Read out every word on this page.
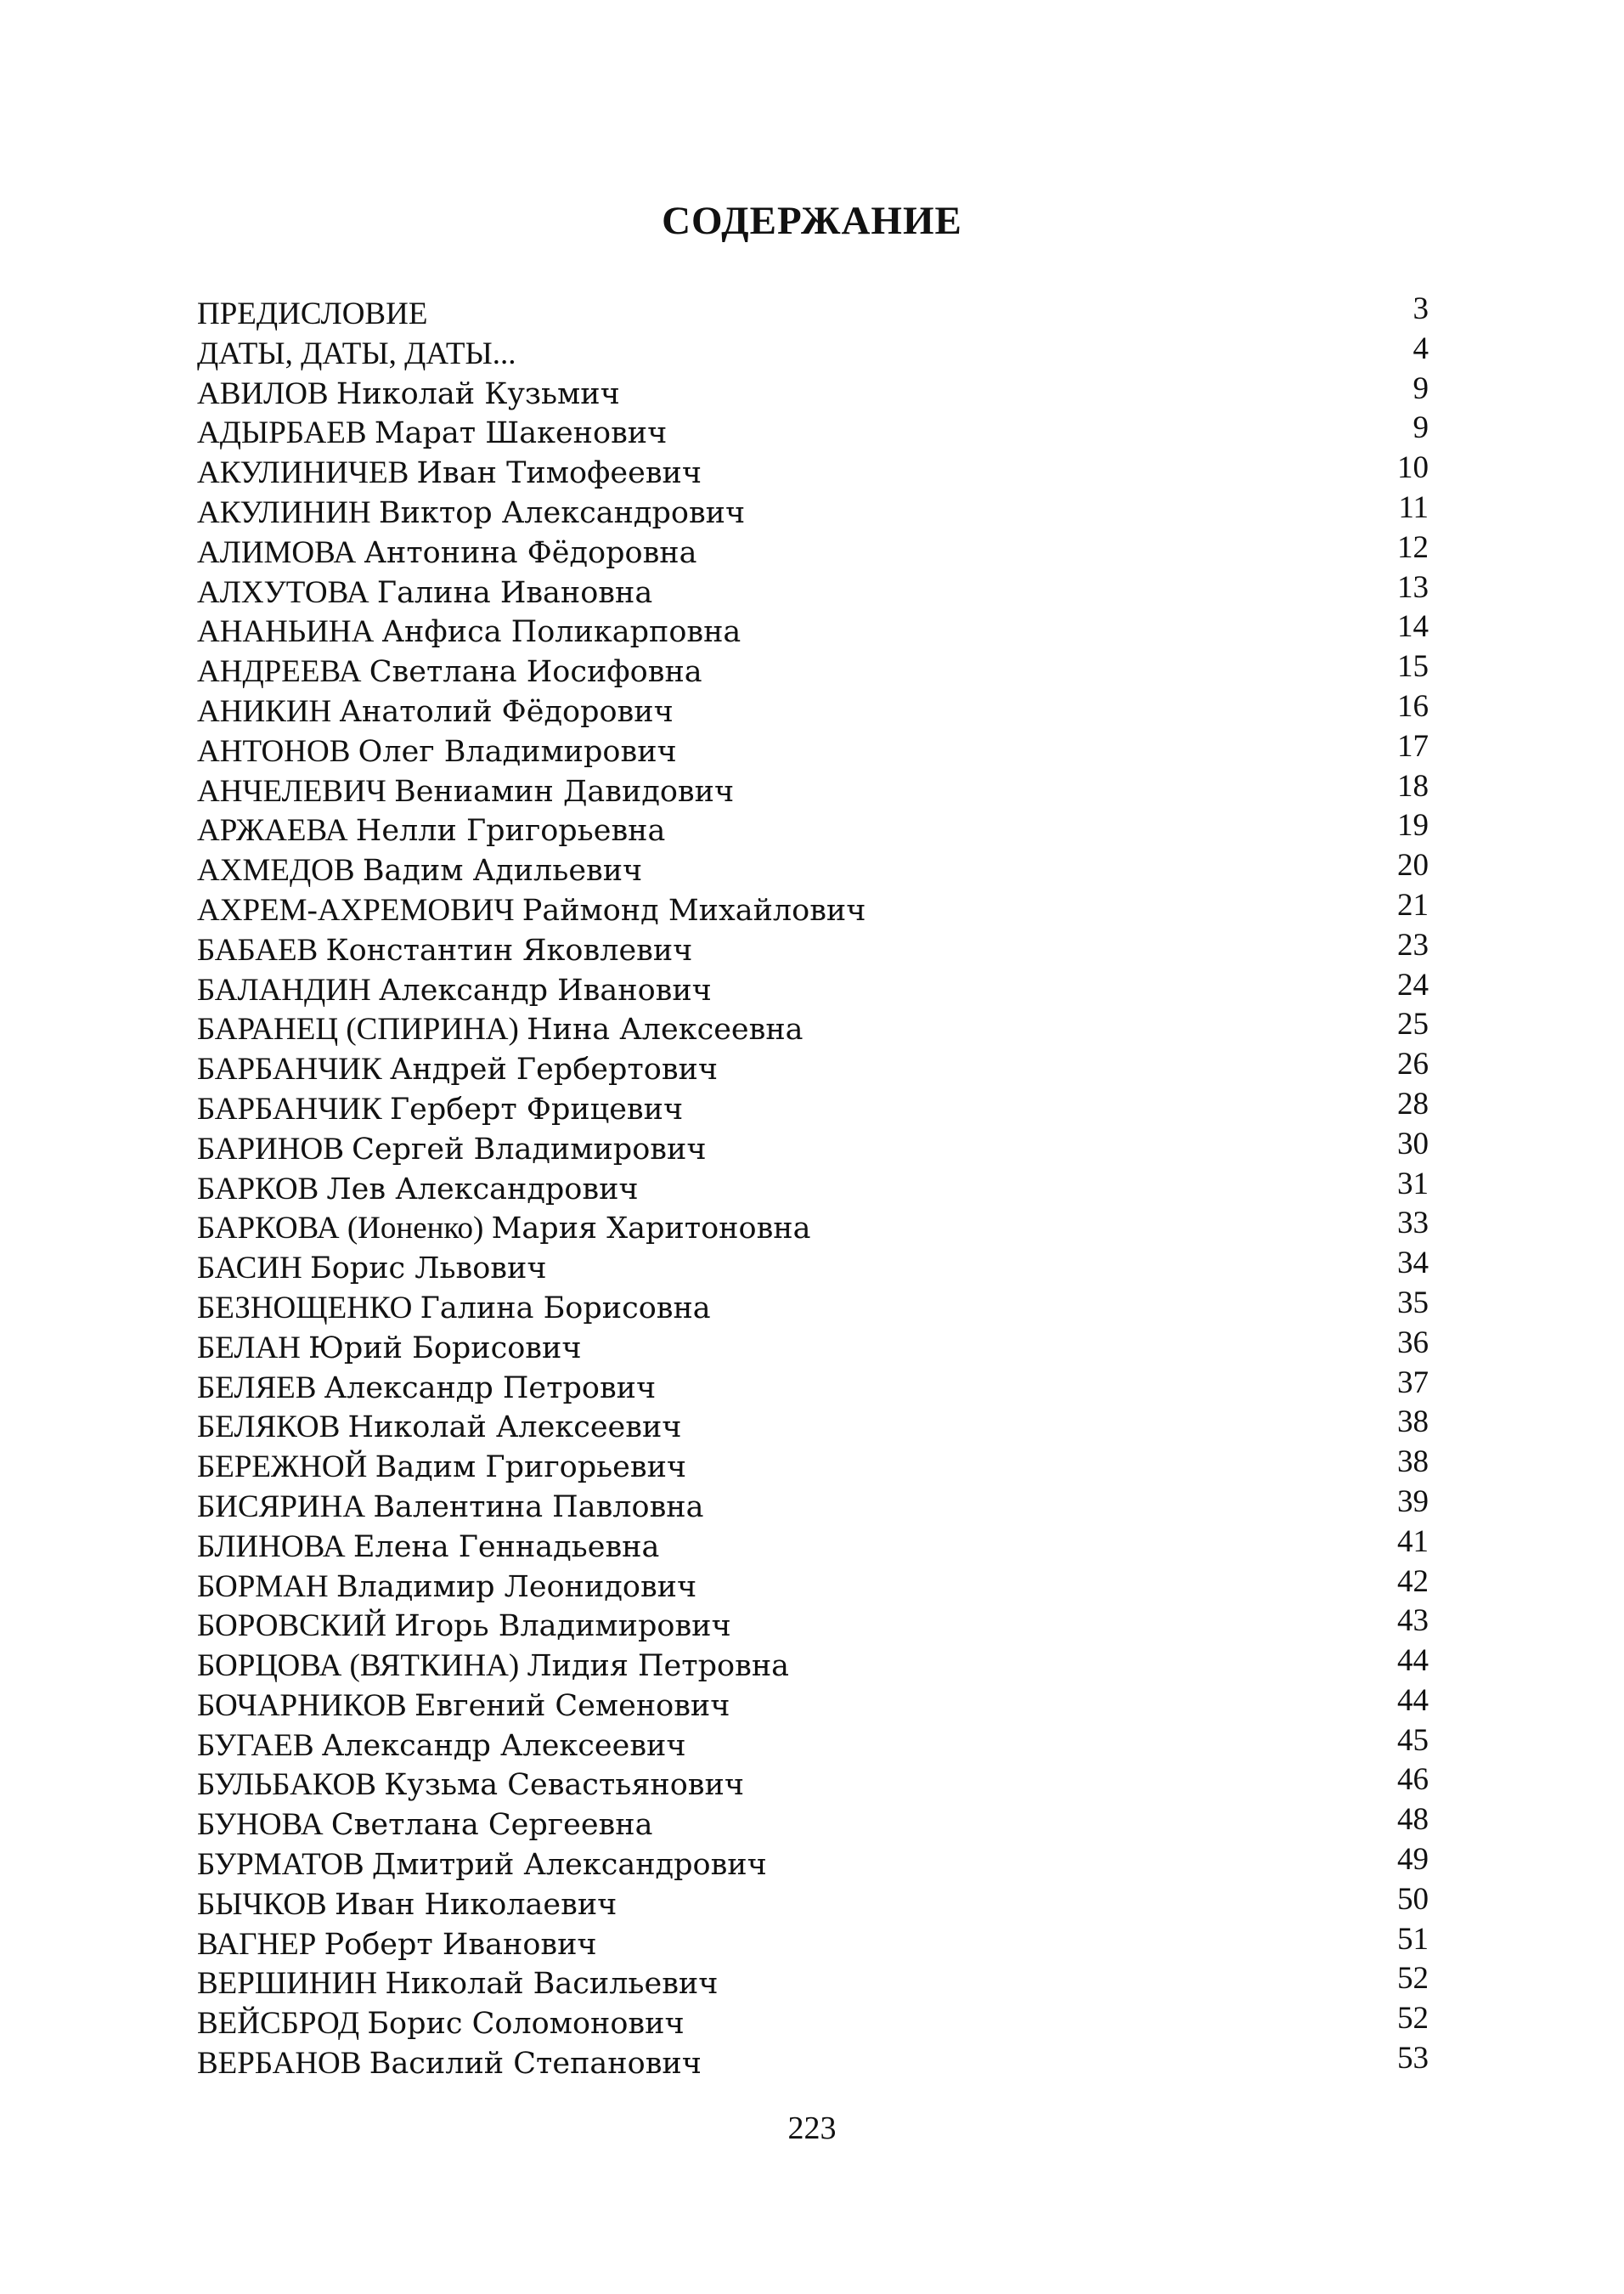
СОДЕРЖАНИЕ
ПРЕДИСЛОВИЕ	3
ДАТЫ, ДАТЫ, ДАТЫ...	4
АВИЛОВ Николай Кузьмич	9
АДЫРБАЕВ Марат Шакенович	9
АКУЛИНИЧЕВ Иван Тимофеевич	10
АКУЛИНИН Виктор Александрович	11
АЛИМОВА Антонина Фёдоровна	12
АЛХУТОВА Галина Ивановна	13
АНАНЬИНА Анфиса Поликарповна	14
АНДРЕЕВА Светлана Иосифовна	15
АНИКИН Анатолий Фёдорович	16
АНТОНОВ Олег Владимирович	17
АНЧЕЛЕВИЧ Вениамин Давидович	18
АРЖАЕВА Нелли Григорьевна	19
АХМЕДОВ Вадим Адильевич	20
АХРЕМ-АХРЕМОВИЧ Раймонд Михайлович	21
БАБАЕВ Константин Яковлевич	23
БАЛАНДИН Александр Иванович	24
БАРАНЕЦ (СПИРИНА) Нина Алексеевна	25
БАРБАНЧИК Андрей Гербертович	26
БАРБАНЧИК Герберт Фрицевич	28
БАРИНОВ Сергей Владимирович	30
БАРКОВ Лев Александрович	31
БАРКОВА (Ионенко) Мария Харитоновна	33
БАСИН Борис Львович	34
БЕЗНОЩЕНКО Галина Борисовна	35
БЕЛАН Юрий Борисович	36
БЕЛЯЕВ Александр Петрович	37
БЕЛЯКОВ Николай Алексеевич	38
БЕРЕЖНОЙ Вадим Григорьевич	38
БИСЯРИНА Валентина Павловна	39
БЛИНОВА Елена Геннадьевна	41
БОРМАН Владимир Леонидович	42
БОРОВСКИЙ Игорь Владимирович	43
БОРЦОВА (ВЯТКИНА) Лидия Петровна	44
БОЧАРНИКОВ Евгений Семенович	44
БУГАЕВ Александр Алексеевич	45
БУЛЬБАКОВ Кузьма Севастьянович	46
БУНОВА Светлана Сергеевна	48
БУРМАТОВ Дмитрий Александрович	49
БЫЧКОВ Иван Николаевич	50
ВАГНЕР Роберт Иванович	51
ВЕРШИНИН Николай Васильевич	52
ВЕЙСБРОД Борис Соломонович	52
ВЕРБАНОВ Василий Степанович	53
223
